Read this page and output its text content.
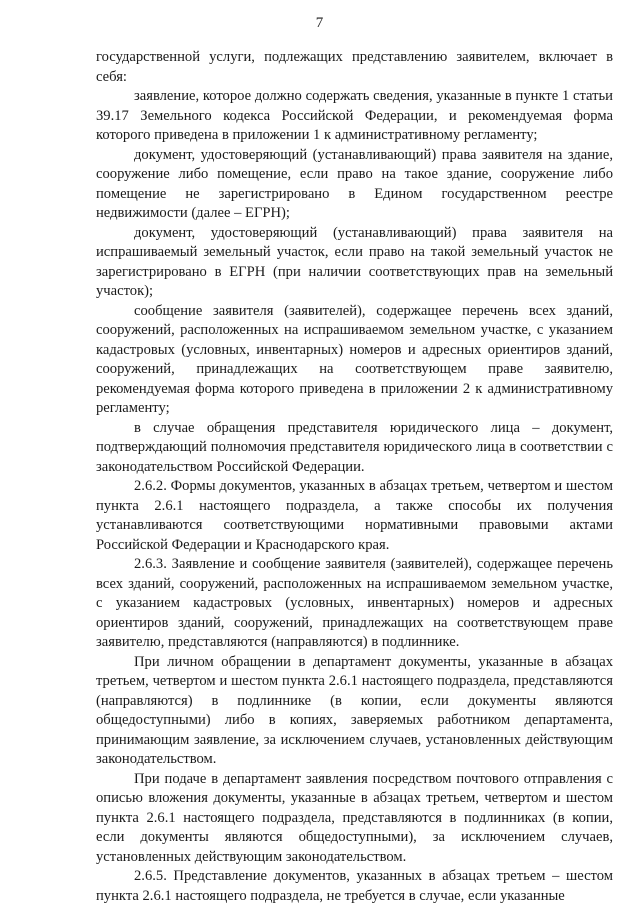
7

государственной услуги, подлежащих представлению заявителем, включает в себя:

заявление, которое должно содержать сведения, указанные в пункте 1 статьи 39.17 Земельного кодекса Российской Федерации, и рекомендуемая форма которого приведена в приложении 1 к административному регламенту;

документ, удостоверяющий (устанавливающий) права заявителя на здание, сооружение либо помещение, если право на такое здание, сооружение либо помещение не зарегистрировано в Едином государственном реестре недвижимости (далее – ЕГРН);

документ, удостоверяющий (устанавливающий) права заявителя на испрашиваемый земельный участок, если право на такой земельный участок не зарегистрировано в ЕГРН (при наличии соответствующих прав на земельный участок);

сообщение заявителя (заявителей), содержащее перечень всех зданий, сооружений, расположенных на испрашиваемом земельном участке, с указанием кадастровых (условных, инвентарных) номеров и адресных ориентиров зданий, сооружений, принадлежащих на соответствующем праве заявителю, рекомендуемая форма которого приведена в приложении 2 к административному регламенту;

в случае обращения представителя юридического лица – документ, подтверждающий полномочия представителя юридического лица в соответствии с законодательством Российской Федерации.

2.6.2. Формы документов, указанных в абзацах третьем, четвертом и шестом пункта 2.6.1 настоящего подраздела, а также способы их получения устанавливаются соответствующими нормативными правовыми актами Российской Федерации и Краснодарского края.

2.6.3. Заявление и сообщение заявителя (заявителей), содержащее перечень всех зданий, сооружений, расположенных на испрашиваемом земельном участке, с указанием кадастровых (условных, инвентарных) номеров и адресных ориентиров зданий, сооружений, принадлежащих на соответствующем праве заявителю, представляются (направляются) в подлиннике.

При личном обращении в департамент документы, указанные в абзацах третьем, четвертом и шестом пункта 2.6.1 настоящего подраздела, представляются (направляются) в подлиннике (в копии, если документы являются общедоступными) либо в копиях, заверяемых работником департамента, принимающим заявление, за исключением случаев, установленных действующим законодательством.

При подаче в департамент заявления посредством почтового отправления с описью вложения документы, указанные в абзацах третьем, четвертом и шестом пункта 2.6.1 настоящего подраздела, представляются в подлинниках (в копии, если документы являются общедоступными), за исключением случаев, установленных действующим законодательством.

2.6.5. Представление документов, указанных в абзацах третьем – шестом пункта 2.6.1 настоящего подраздела, не требуется в случае, если указанные
